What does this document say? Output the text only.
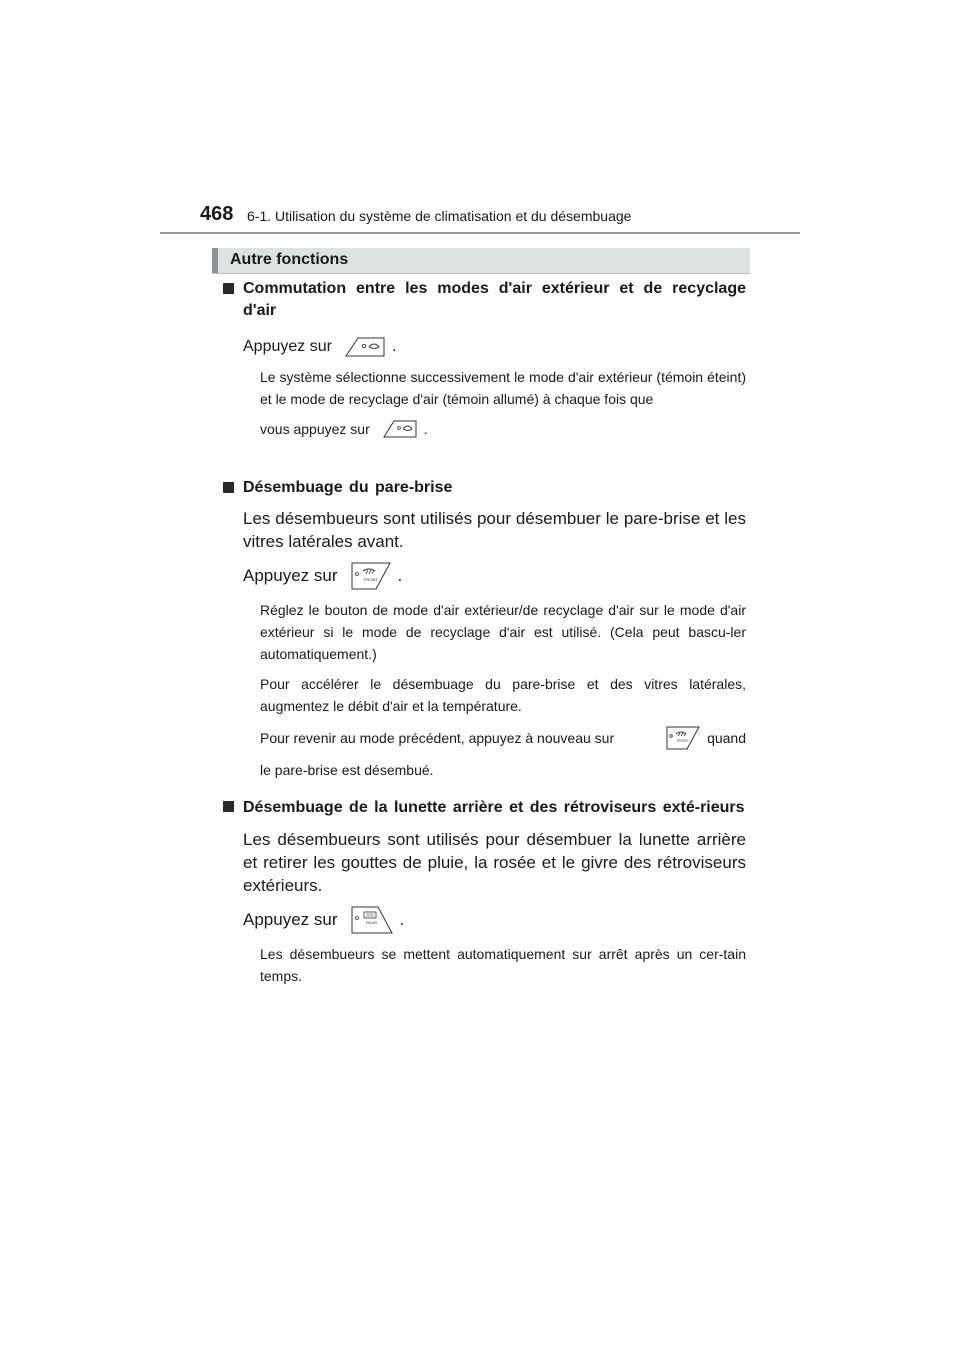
468 6-1. Utilisation du système de climatisation et du désembuage
Autre fonctions
Commutation entre les modes d'air extérieur et de recyclage d'air
Appuyez sur	.
Le système sélectionne successivement le mode d'air extérieur (témoin éteint) et le mode de recyclage d'air (témoin allumé) à chaque fois que
vous appuyez sur	.
Désembuage du pare-brise
Les désembueurs sont utilisés pour désembuer le pare-brise et les vitres latérales avant.
Appuyez sur	FRONT .
Réglez le bouton de mode d'air extérieur/de recyclage d'air sur le mode d'air extérieur si le mode de recyclage d'air est utilisé. (Cela peut bascu-ler automatiquement.)
Pour accélérer le désembuage du pare-brise et des vitres latérales, augmentez le débit d'air et la température.
Pour revenir au mode précédent, appuyez à nouveau sur	FRONT quand
le pare-brise est désembué.
Désembuage de la lunette arrière et des rétroviseurs exté-rieurs
Les désembueurs sont utilisés pour désembuer la lunette arrière et retirer les gouttes de pluie, la rosée et le givre des rétroviseurs extérieurs.
Appuyez sur	REAR .
Les désembueurs se mettent automatiquement sur arrêt après un cer-tain temps.
